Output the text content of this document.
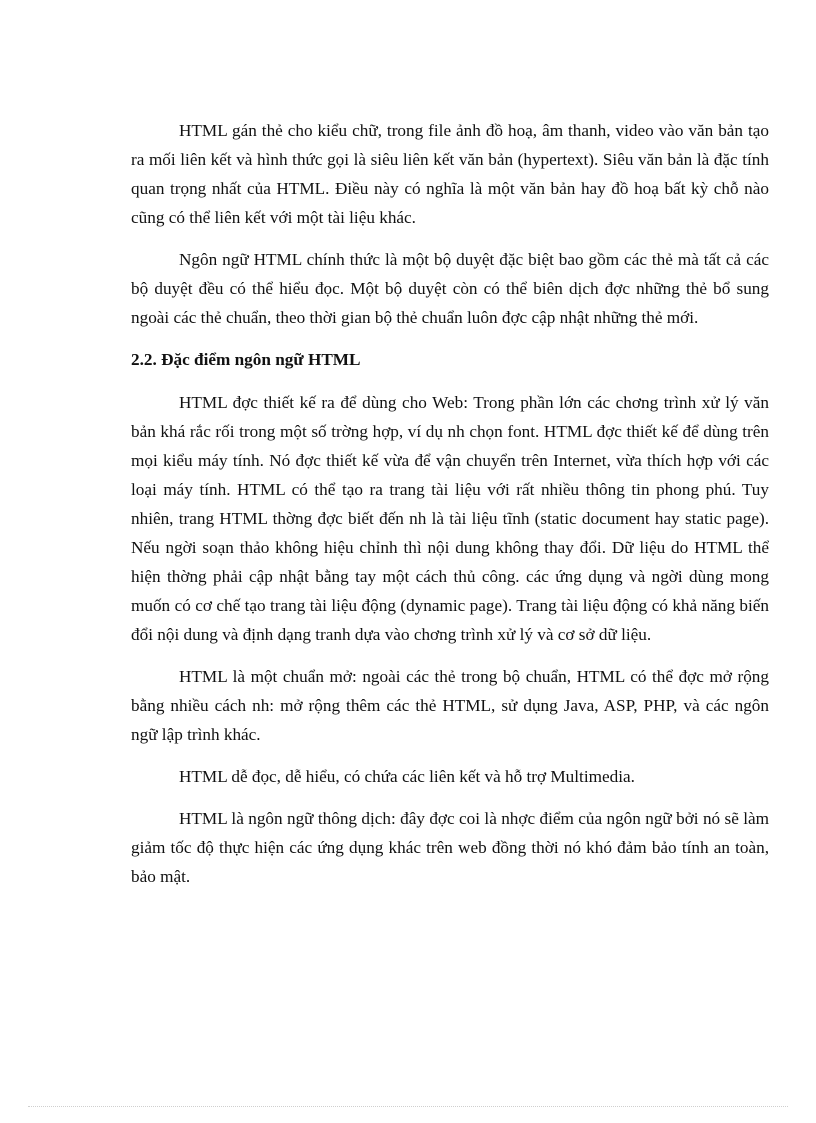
HTML gán thẻ cho kiểu chữ, trong file ảnh đồ hoạ, âm thanh, video vào văn bản tạo ra mối liên kết và hình thức gọi là siêu liên kết văn bản (hypertext). Siêu văn bản là đặc tính quan trọng nhất của HTML. Điều này có nghĩa là một văn bản hay đồ hoạ bất kỳ chỗ nào cũng có thể liên kết với một tài liệu khác.

Ngôn ngữ HTML chính thức là một bộ duyệt đặc biệt bao gồm các thẻ mà tất cả các bộ duyệt đều có thể hiểu đọc. Một bộ duyệt còn có thể biên dịch đợc những thẻ bổ sung ngoài các thẻ chuẩn, theo thời gian bộ thẻ chuẩn luôn đợc cập nhật những thẻ mới.

2.2. Đặc điểm ngôn ngữ HTML

HTML đợc thiết kế ra để dùng cho Web: Trong phần lớn các chơng trình xử lý văn bản khá rắc rối trong một số trờng hợp, ví dụ nh chọn font. HTML đợc thiết kế để dùng trên mọi kiểu máy tính. Nó đợc thiết kế vừa để vận chuyển trên Internet, vừa thích hợp với các loại máy tính. HTML có thể tạo ra trang tài liệu với rất nhiều thông tin phong phú. Tuy nhiên, trang HTML thờng đợc biết đến nh là tài liệu tĩnh (static document hay static page). Nếu ngời soạn thảo không hiệu chỉnh thì nội dung không thay đổi. Dữ liệu do HTML thể hiện thờng phải cập nhật bằng tay một cách thủ công. các ứng dụng và ngời dùng mong muốn có cơ chế tạo trang tài liệu động (dynamic page). Trang tài liệu động có khả năng biến đổi nội dung và định dạng tranh dựa vào chơng trình xử lý và cơ sở dữ liệu.

HTML là một chuẩn mở: ngoài các thẻ trong bộ chuẩn, HTML có thể đợc mở rộng bằng nhiều cách nh: mở rộng thêm các thẻ HTML, sử dụng Java, ASP, PHP, và các ngôn ngữ lập trình khác.

HTML dễ đọc, dễ hiểu, có chứa các liên kết và hỗ trợ Multimedia.

HTML là ngôn ngữ thông dịch: đây đợc coi là nhợc điểm của ngôn ngữ bởi nó sẽ làm giảm tốc độ thực hiện các ứng dụng khác trên web đồng thời nó khó đảm bảo tính an toàn, bảo mật.
